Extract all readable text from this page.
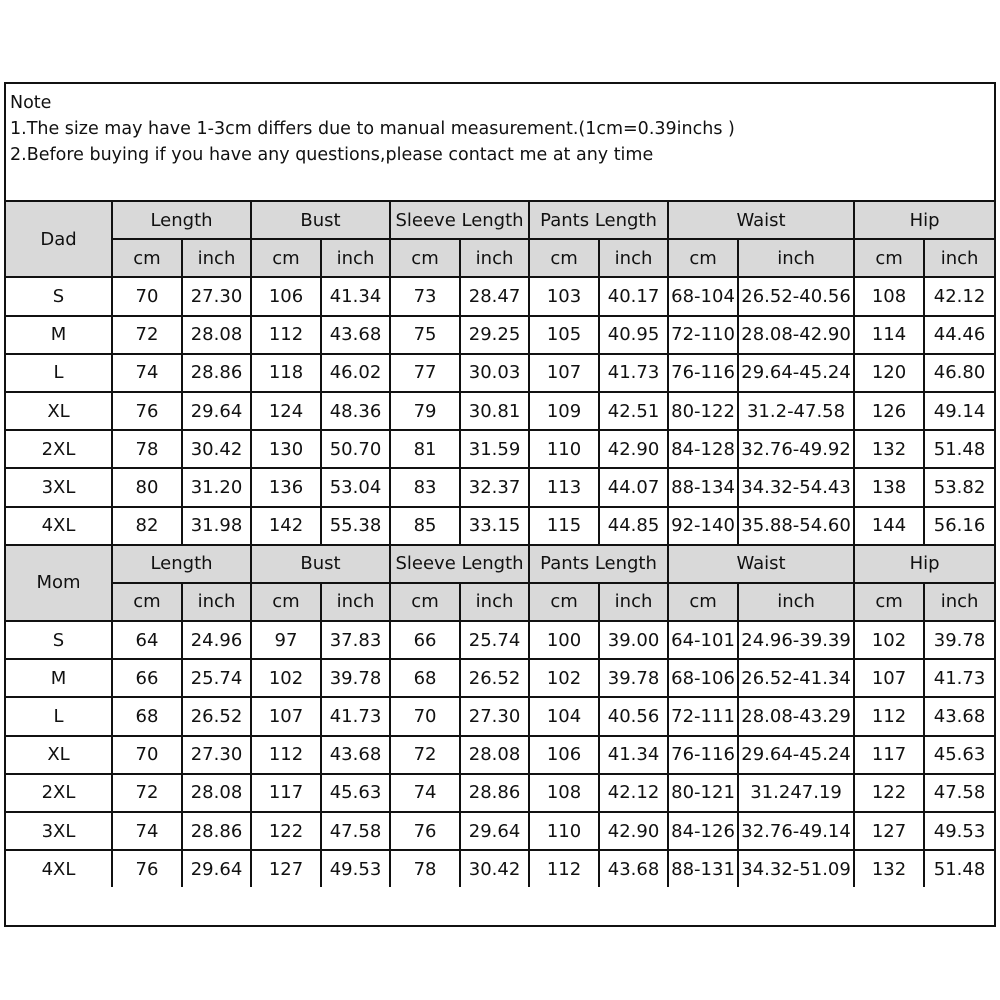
Note
1.The size may have 1-3cm differs due to manual measurement.(1cm=0.39inchs )
2.Before buying if you have any questions,please contact me at any time
Dad	Length		Bust		Sleeve Length		Pants Length		Waist		Hip	
	cm	inch	cm	inch	cm	inch	cm	inch	cm	inch	cm	inch
S	70	27.30	106	41.34	73	28.47	103	40.17	68-104	26.52-40.56	108	42.12
M	72	28.08	112	43.68	75	29.25	105	40.95	72-110	28.08-42.90	114	44.46
L	74	28.86	118	46.02	77	30.03	107	41.73	76-116	29.64-45.24	120	46.80
XL	76	29.64	124	48.36	79	30.81	109	42.51	80-122	31.2-47.58	126	49.14
2XL	78	30.42	130	50.70	81	31.59	110	42.90	84-128	32.76-49.92	132	51.48
3XL	80	31.20	136	53.04	83	32.37	113	44.07	88-134	34.32-54.43	138	53.82
4XL	82	31.98	142	55.38	85	33.15	115	44.85	92-140	35.88-54.60	144	56.16
Mom	Length		Bust		Sleeve Length		Pants Length		Waist		Hip	
	cm	inch	cm	inch	cm	inch	cm	inch	cm	inch	cm	inch
S	64	24.96	97	37.83	66	25.74	100	39.00	64-101	24.96-39.39	102	39.78
M	66	25.74	102	39.78	68	26.52	102	39.78	68-106	26.52-41.34	107	41.73
L	68	26.52	107	41.73	70	27.30	104	40.56	72-111	28.08-43.29	112	43.68
XL	70	27.30	112	43.68	72	28.08	106	41.34	76-116	29.64-45.24	117	45.63
2XL	72	28.08	117	45.63	74	28.86	108	42.12	80-121	31.247.19	122	47.58
3XL	74	28.86	122	47.58	76	29.64	110	42.90	84-126	32.76-49.14	127	49.53
4XL	76	29.64	127	49.53	78	30.42	112	43.68	88-131	34.32-51.09	132	51.48
